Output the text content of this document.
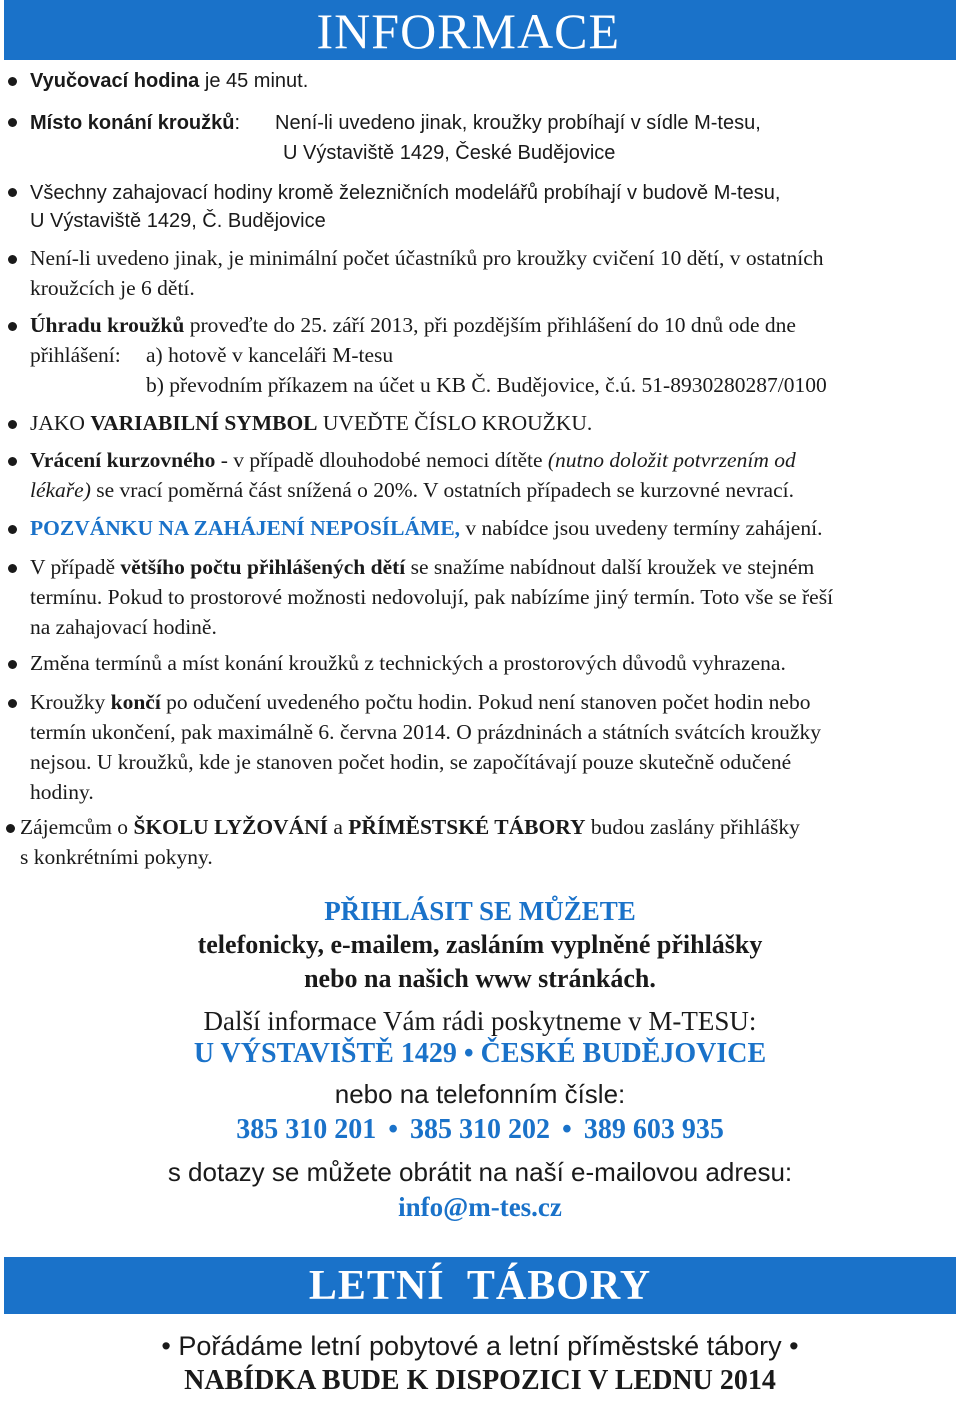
INFORMACE
Vyučovací hodina je 45 minut.
Místo konání kroužků:	Není-li uvedeno jinak, kroužky probíhají v sídle M-tesu,
U Výstaviště 1429, České Budějovice
Všechny zahajovací hodiny kromě železničních modelářů probíhají v budově M-tesu,
U Výstaviště 1429, Č. Budějovice
Není-li uvedeno jinak, je minimální počet účastníků pro kroužky cvičení 10 dětí, v ostatních
kroužcích je 6 dětí.
Úhradu kroužků proveďte do 25. září 2013, při pozdějším přihlášení do 10 dnů ode dne
přihlášení: a) hotově v kanceláři M-tesu
b) převodním příkazem na účet u KB Č. Budějovice, č.ú. 51-8930280287/0100
JAKO VARIABILNÍ SYMBOL UVEĎTE ČÍSLO KROUŽKU.
Vrácení kurzovného - v případě dlouhodobé nemoci dítěte (nutno doložit potvrzením od
lékaře) se vrací poměrná část snížená o 20%. V ostatních případech se kurzovné nevrací.
POZVÁNKU NA ZAHÁJENÍ NEPOSÍLÁME, v nabídce jsou uvedeny termíny zahájení.
V případě většího počtu přihlášených dětí se snažíme nabídnout další kroužek ve stejném
termínu. Pokud to prostorové možnosti nedovolují, pak nabízíme jiný termín. Toto vše se řeší
na zahajovací hodině.
Změna termínů a míst konání kroužků z technických a prostorových důvodů vyhrazena.
Kroužky končí po odučení uvedeného počtu hodin. Pokud není stanoven počet hodin nebo
termín ukončení, pak maximálně 6. června 2014. O prázdninách a státních svátcích kroužky
nejsou. U kroužků, kde je stanoven počet hodin, se započítávají pouze skutečně odučené
hodiny.
Zájemcům o ŠKOLU LYŽOVÁNÍ a PŘÍMĚSTSKÉ TÁBORY budou zaslány přihlášky
s konkrétními pokyny.
PŘIHLÁSIT SE MŮŽETE
telefonicky, e-mailem, zasláním vyplněné přihlášky
nebo na našich www stránkách.
Další informace Vám rádi poskytneme v M-TESU:
U VÝSTAVIŠTĚ 1429 • ČESKÉ BUDĚJOVICE
nebo na telefonním čísle:
385 310 201 • 385 310 202 • 389 603 935
s dotazy se můžete obrátit na naší e-mailovou adresu:
info@m-tes.cz
LETNÍ  TÁBORY
• Pořádáme letní pobytové a letní příměstské tábory •
NABÍDKA BUDE K DISPOZICI V LEDNU 2014
